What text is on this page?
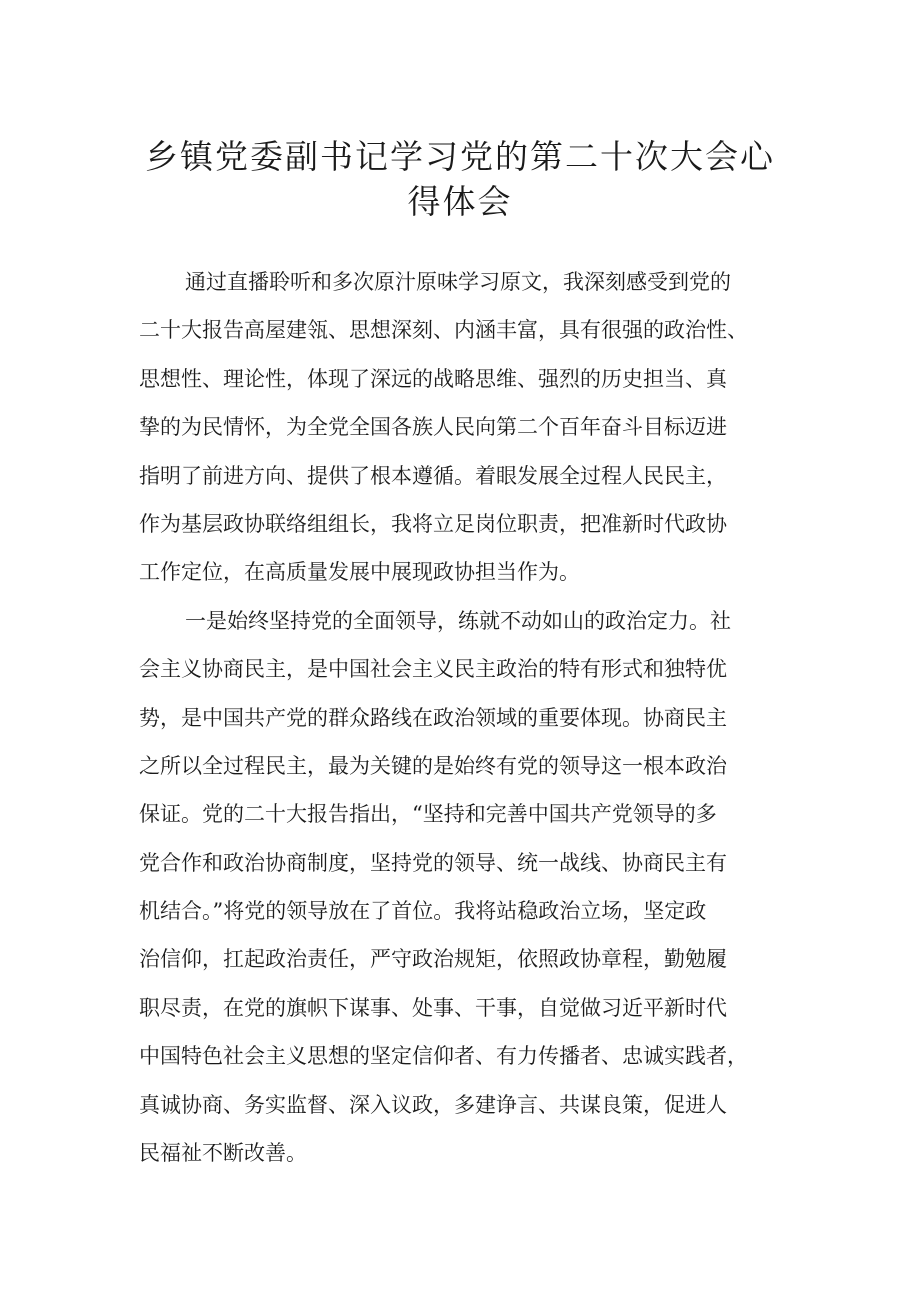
乡镇党委副书记学习党的第二十次大会心
得体会

通过直播聆听和多次原汁原味学习原文，我深刻感受到党的

二十大报告高屋建瓴、思想深刻、内涵丰富，具有很强的政治性、

思想性、理论性，体现了深远的战略思维、强烈的历史担当、真

挚的为民情怀，为全党全国各族人民向第二个百年奋斗目标迈进

指明了前进方向、提供了根本遵循。着眼发展全过程人民民主，

作为基层政协联络组组长，我将立足岗位职责，把准新时代政协

工作定位，在高质量发展中展现政协担当作为。

一是始终坚持党的全面领导，练就不动如山的政治定力。社

会主义协商民主，是中国社会主义民主政治的特有形式和独特优

势，是中国共产党的群众路线在政治领域的重要体现。协商民主

之所以全过程民主，最为关键的是始终有党的领导这一根本政治

保证。党的二十大报告指出，“坚持和完善中国共产党领导的多

党合作和政治协商制度，坚持党的领导、统一战线、协商民主有

机结合。”将党的领导放在了首位。我将站稳政治立场，坚定政

治信仰，扛起政治责任，严守政治规矩，依照政协章程，勤勉履

职尽责，在党的旗帜下谋事、处事、干事，自觉做习近平新时代

中国特色社会主义思想的坚定信仰者、有力传播者、忠诚实践者，

真诚协商、务实监督、深入议政，多建诤言、共谋良策，促进人

民福祉不断改善。
